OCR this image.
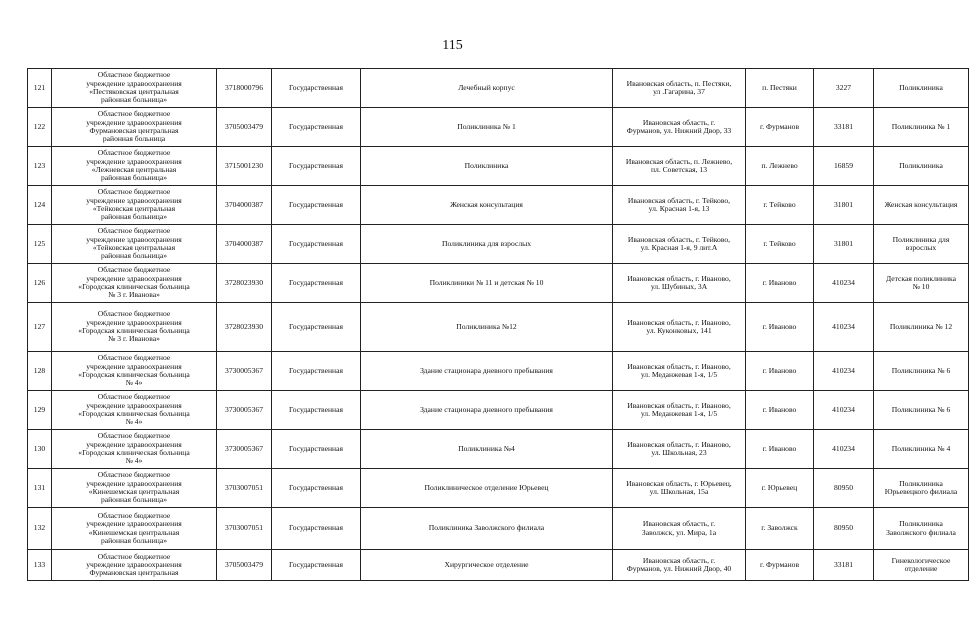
115
121	Областное бюджетное
учреждение здравоохранения
«Пестяковская центральная
районная больница»	3718000796	Государственная	Лечебный корпус	Ивановская область, п. Пестяки,
ул .Гагарина, 37	п. Пестяки	3227	Поликлиника

122	Областное бюджетное
учреждение здравоохранения
Фурмановская центральная
районная больница	3705003479	Государственная	Поликлиника № 1	Ивановская область, г.
Фурманов, ул. Нижний Двор, 33	г. Фурманов	33181	Поликлиника № 1

123	Областное бюджетное
учреждение здравоохранения
«Лежневская центральная
районная больница»	3715001230	Государственная	Поликлиника	Ивановская область, п. Лежнево,
пл. Советская, 13	п. Лежнево	16859	Поликлиника

124	Областное бюджетное
учреждение здравоохранения
«Тейковская центральная
районная больница»	3704000387	Государственная	Женская консультация	Ивановская область, г. Тейково,
ул. Красная 1-я, 13	г. Тейково	31801	Женская консультация

125	Областное бюджетное
учреждение здравоохранения
«Тейковская центральная
районная больница»	3704000387	Государственная	Поликлиника для взрослых	Ивановская область, г. Тейково,
ул. Красная 1-я, 9 лит.А	г. Тейково	31801	Поликлиника для
взрослых

126	Областное бюджетное
учреждение здравоохранения
«Городская клиническая больница
№ 3 г. Иванова»	3728023930	Государственная	Поликлиники № 11 и детская № 10	Ивановская область, г. Иваново,
ул. Шубиных, 3А	г. Иваново	410234	Детская поликлиника
№ 10

127	Областное бюджетное
учреждение здравоохранения
«Городская клиническая больница
№ 3 г. Иванова»	3728023930	Государственная	Поликлиника №12	Ивановская область, г. Иваново,
ул. Куконковых, 141	г. Иваново	410234	Поликлиника № 12

128	Областное бюджетное
учреждение здравоохранения
«Городская клиническая больница
№ 4»	3730005367	Государственная	Здание стационара дневного пребывания	Ивановская область, г. Иваново,
ул. Меданжевая 1-я, 1/5	г. Иваново	410234	Поликлиника № 6

129	Областное бюджетное
учреждение здравоохранения
«Городская клиническая больница
№ 4»	3730005367	Государственная	Здание стационара дневного пребывания	Ивановская область, г. Иваново,
ул. Меданжевая 1-я, 1/5	г. Иваново	410234	Поликлиника № 6

130	Областное бюджетное
учреждение здравоохранения
«Городская клиническая больница
№ 4»	3730005367	Государственная	Поликлиника №4	Ивановская область, г. Иваново,
ул. Школьная, 23	г. Иваново	410234	Поликлиника № 4

131	Областное бюджетное
учреждение здравоохранения
«Кинешемская центральная
районная больница»	3703007051	Государственная	Поликлиническое отделение Юрьевец	Ивановская область, г. Юрьевец,
ул. Школьная, 15а	г. Юрьевец	80950	Поликлиника
Юрьевецкого филиала

132	Областное бюджетное
учреждение здравоохранения
«Кинешемская центральная
районная больница»	3703007051	Государственная	Поликлиника Заволжского филиала	Ивановская область, г.
Заволжск, ул. Мира, 1а	г. Заволжск	80950	Поликлиника
Заволжского филиала

133	Областное бюджетное
учреждение здравоохранения
Фурмановская центральная	3705003479	Государственная	Хирургическое отделение	Ивановская область, г.
Фурманов, ул. Нижний Двор, 40	г. Фурманов	33181	Гинекологическое
отделение
